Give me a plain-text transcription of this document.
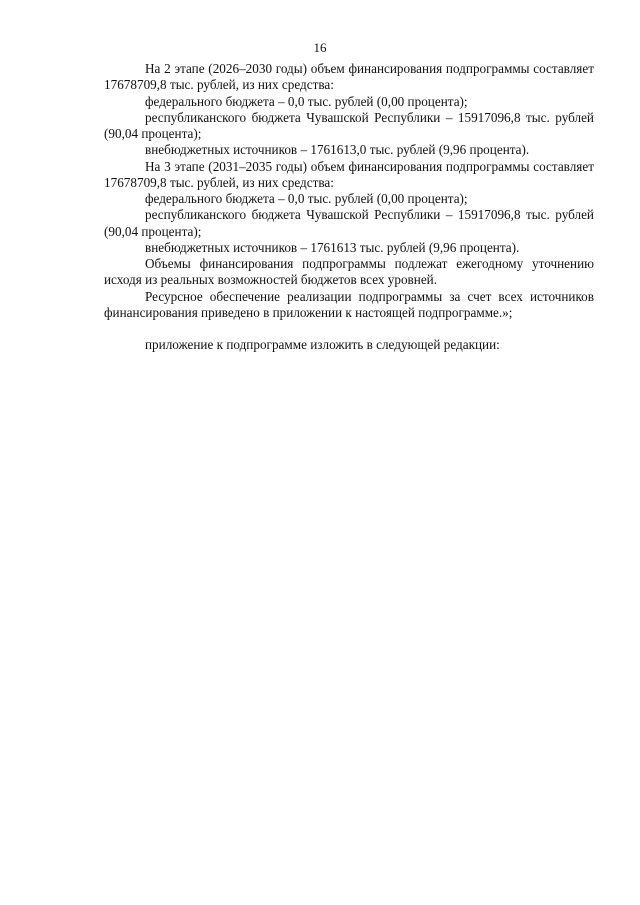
16

На 2 этапе (2026–2030 годы) объем финансирования подпрограммы составляет 17678709,8 тыс. рублей, из них средства:

федерального бюджета – 0,0 тыс. рублей (0,00 процента);

республиканского бюджета Чувашской Республики – 15917096,8 тыс. рублей (90,04 процента);

внебюджетных источников – 1761613,0 тыс. рублей (9,96 процента).

На 3 этапе (2031–2035 годы) объем финансирования подпрограммы составляет 17678709,8 тыс. рублей, из них средства:

федерального бюджета – 0,0 тыс. рублей (0,00 процента);

республиканского бюджета Чувашской Республики – 15917096,8 тыс. рублей (90,04 процента);

внебюджетных источников – 1761613 тыс. рублей (9,96 процента).

Объемы финансирования подпрограммы подлежат ежегодному уточнению исходя из реальных возможностей бюджетов всех уровней.

Ресурсное обеспечение реализации подпрограммы за счет всех источников финансирования приведено в приложении к настоящей подпрограмме.»;

приложение к подпрограмме изложить в следующей редакции:
